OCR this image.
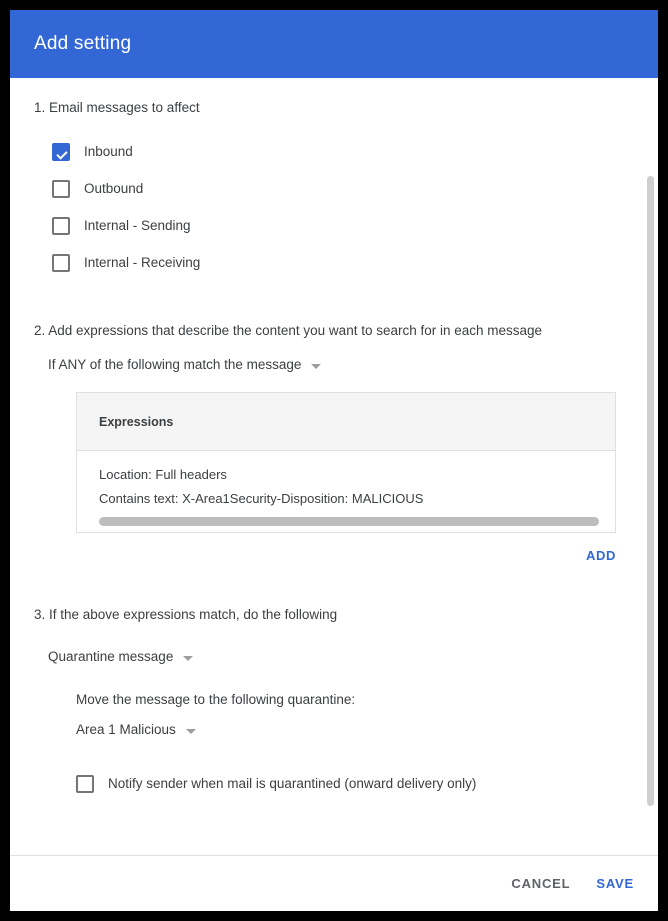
Add setting
1. Email messages to affect
Inbound
Outbound
Internal - Sending
Internal - Receiving
2. Add expressions that describe the content you want to search for in each message
If ANY of the following match the message
Expressions
Location: Full headers
Contains text: X-Area1Security-Disposition: MALICIOUS
ADD
3. If the above expressions match, do the following
Quarantine message
Move the message to the following quarantine:
Area 1 Malicious
Notify sender when mail is quarantined (onward delivery only)
CANCEL SAVE
